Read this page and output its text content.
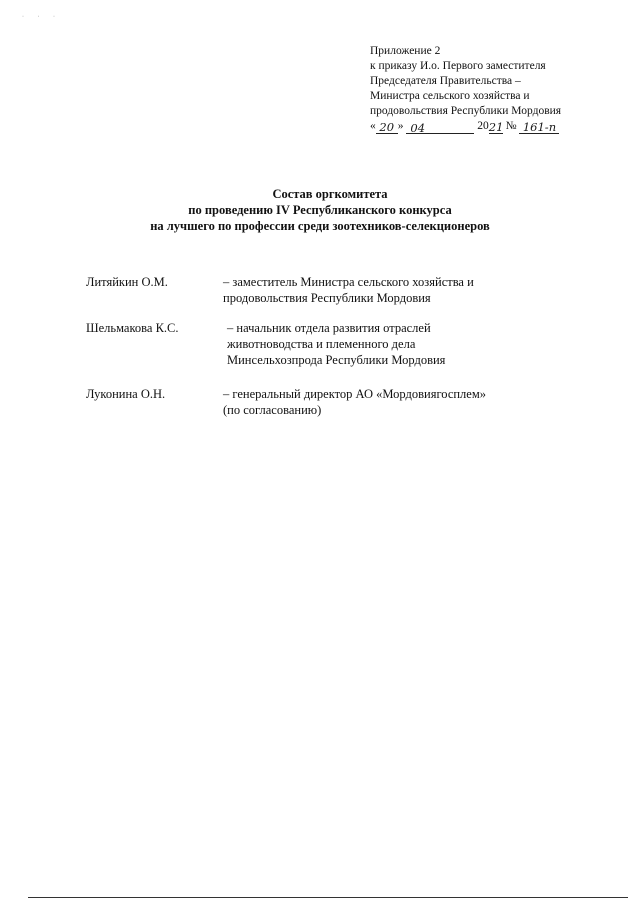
· · ·
Приложение 2
к приказу И.о. Первого заместителя
Председателя Правительства –
Министра сельского хозяйства и
продовольствия Республики Мордовия
« 20 » 04	2021 № 161-п
Состав оргкомитета
по проведению IV Республиканского конкурса
на лучшего по профессии среди зоотехников-селекционеров
Литяйкин О.М.	– заместитель Министра сельского хозяйства и
продовольствия Республики Мордовия
Шельмакова К.С.	– начальник отдела развития отраслей
животноводства и племенного дела
Минсельхозпрода Республики Мордовия
Луконина О.Н.	– генеральный директор АО «Мордовиягосплем»
(по согласованию)
